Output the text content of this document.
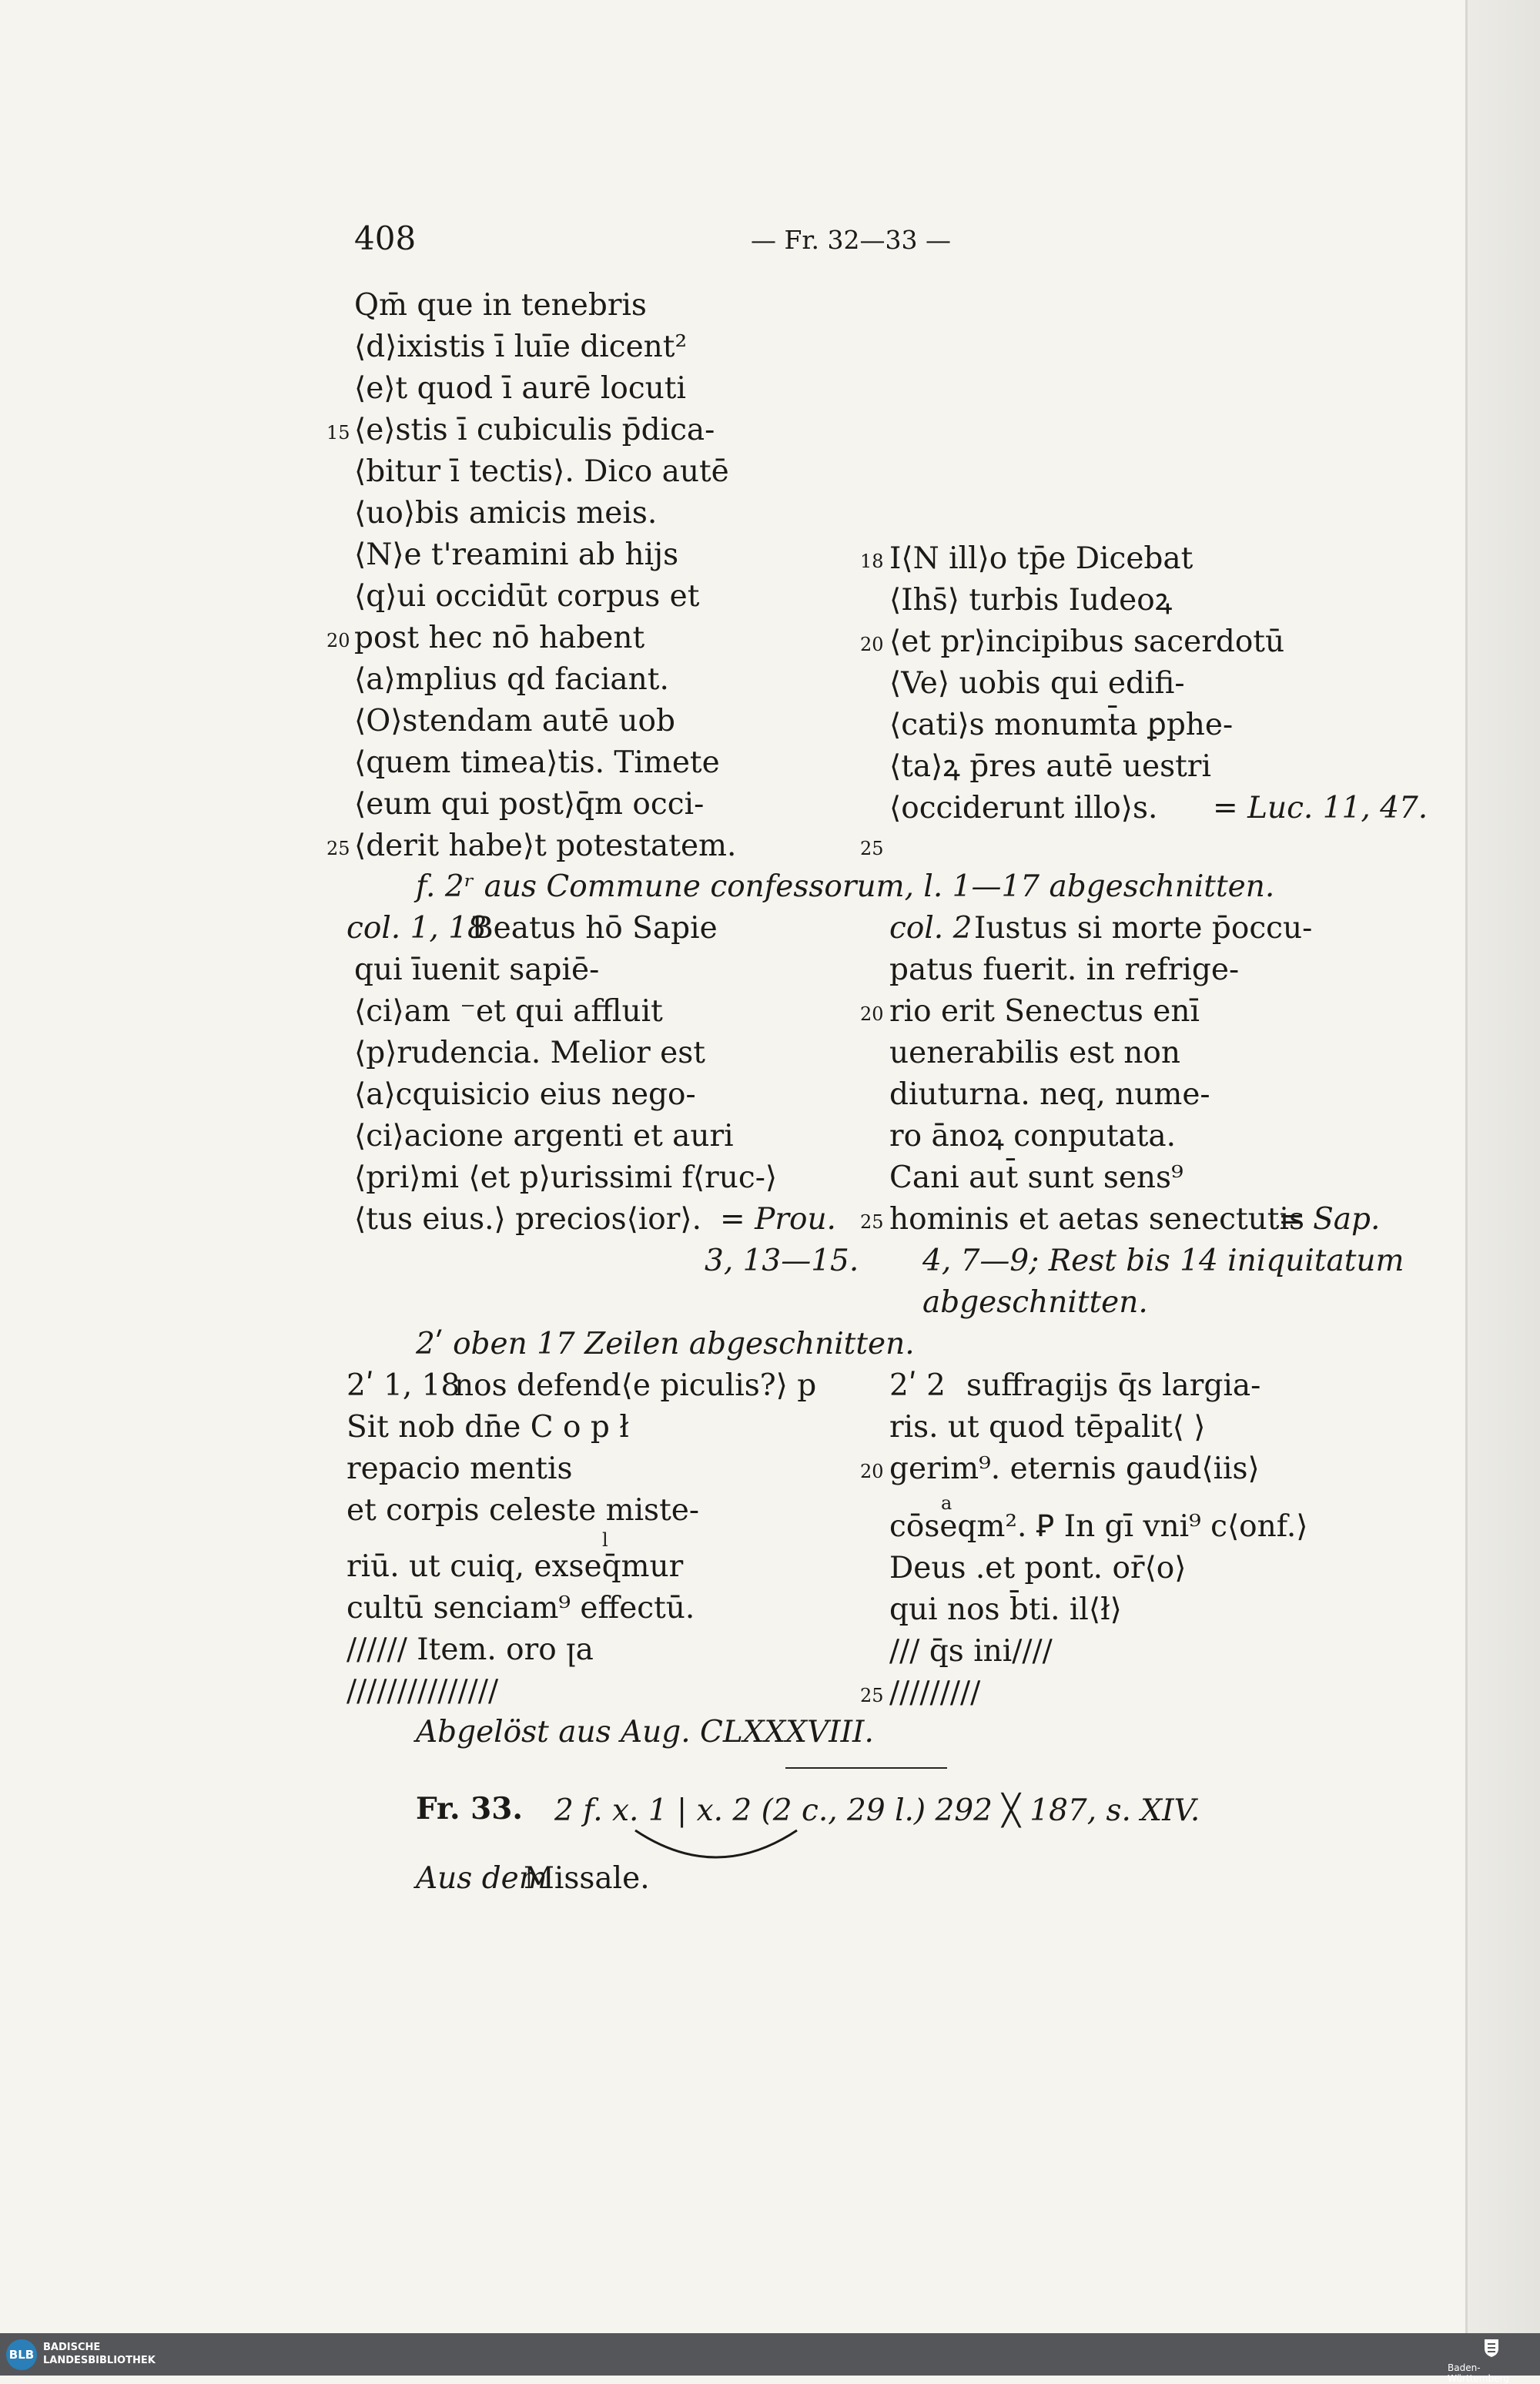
408	— Fr. 32—33 —
Qm̄ que in tenebris
⟨d⟩ixistis ī luīe dicent²
⟨e⟩t quod ī aurē locuti
⟨e⟩stis ī cubiculis p̄dica-
⟨bitur ī tectis⟩. Dico autē
⟨uo⟩bis amicis meis.
⟨N⟩e t'reamini ab hijs
⟨q⟩ui occidūt corpus et
post hec nō habent
⟨a⟩mplius qd faciant.
⟨O⟩stendam autē uob
⟨quem timea⟩tis. Timete
⟨eum qui post⟩q̄m occi-
⟨derit habe⟩t potestatem.
15
20
25
I⟨N ill⟩o tp̄e Dicebat
⟨Ihs̄⟩ turbis Iudeoꝝ
⟨et pr⟩incipibus sacerdotū
⟨Ve⟩ uobis qui edifi-
⟨cati⟩s monumt̄a ꝑphe-
⟨ta⟩ꝝ p̄res autē uestri
⟨occiderunt illo⟩s. = Luc. 11, 47.
18
20
25
f. 2ʳ aus Commune confessorum, l. 1—17 abgeschnitten.
col. 1, 18
Beatus hō Sapie
qui īuenit sapiē-
⟨ci⟩am ⁻et qui affluit
⟨p⟩rudencia. Melior est
⟨a⟩cquisicio eius nego-
⟨ci⟩acione argenti et auri
⟨pri⟩mi ⟨et p⟩urissimi f⟨ruc-⟩
⟨tus eius.⟩ precios⟨ior⟩. = Prou.
3, 13—15.
col. 2 Iustus si morte p̄occu-
patus fuerit. in refrige-
rio erit Senectus enī
uenerabilis est non
diuturna. neq, nume-
ro ānoꝝ conputata.
Cani aut̄ sunt sens⁹
hominis et aetas senectutis
= Sap.
4, 7—9; Rest bis 14 iniquitatum
abgeschnitten.
20
25
2ʹ oben 17 Zeilen abgeschnitten.
2ʹ 1, 18
nos defend⟨e piculis?⟩ p
Sit nob dn̄e C o p ł
repacio mentis
et corpis celeste miste-
l
riū. ut cuiq, exseq̄mur
cultū senciam⁹ effectū.
////// Item. oro ꞁa
///////////////
2ʹ 2 suffragijs q̄s largia-
ris. ut quod tēpalit⟨ ⟩
gerim⁹. eternis gaud⟨iis⟩
a
cōseqm². Ꝑ In gī vni⁹ c⟨onf.⟩
Deus .et pont. or̄⟨o⟩
qui nos b̄ti. il⟨ł⟩
/// q̄s ini////
/////////
20
25
Abgelöst aus Aug. CLXXXVIII.
Fr. 33. 2 f. x. 1 | x. 2 (2 c., 29 l.) 292 ╳ 187, s. XIV.
Aus dem
Missale.
BLB
BADISCHE
LANDESBIBLIOTHEK
Baden-Württemberg
